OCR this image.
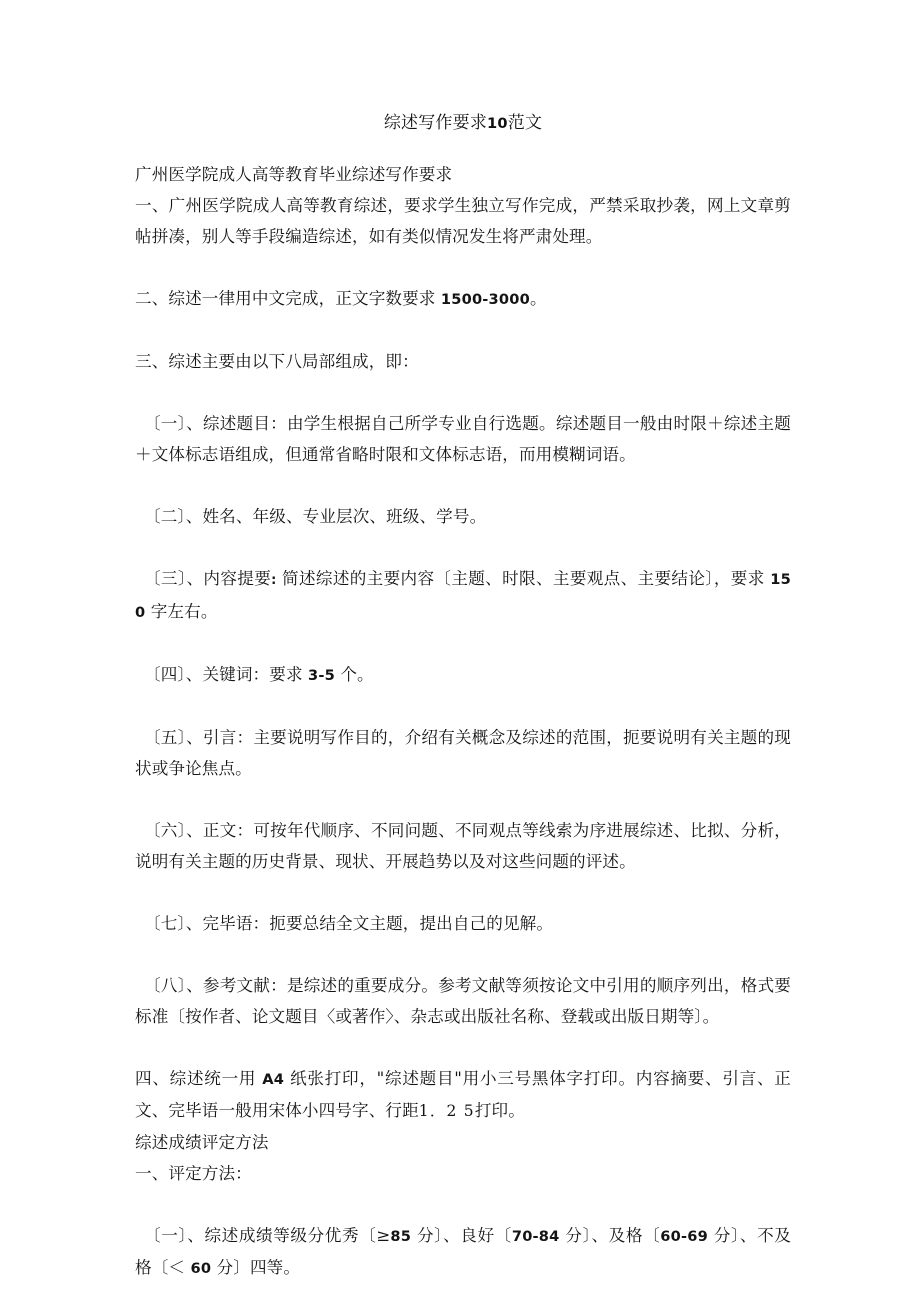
综述写作要求10范文

广州医学院成人高等教育毕业综述写作要求

一、广州医学院成人高等教育综述，要求学生独立写作完成，严禁采取抄袭，网上文章剪帖拼凑，别人等手段编造综述，如有类似情况发生将严肃处理。

二、综述一律用中文完成，正文字数要求 1500-3000。

三、综述主要由以下八局部组成，即：

〔一〕、综述题目：由学生根据自己所学专业自行选题。综述题目一般由时限＋综述主题＋文体标志语组成，但通常省略时限和文体标志语，而用模糊词语。

〔二〕、姓名、年级、专业层次、班级、学号。

〔三〕、内容提要: 简述综述的主要内容〔主题、时限、主要观点、主要结论〕，要求 150 字左右。

〔四〕、关键词：要求 3-5 个。

〔五〕、引言：主要说明写作目的，介绍有关概念及综述的范围，扼要说明有关主题的现状或争论焦点。

〔六〕、正文：可按年代顺序、不同问题、不同观点等线索为序进展综述、比拟、分析，说明有关主题的历史背景、现状、开展趋势以及对这些问题的评述。

〔七〕、完毕语：扼要总结全文主题，提出自己的见解。

〔八〕、参考文献：是综述的重要成分。参考文献等须按论文中引用的顺序列出，格式要标准〔按作者、论文题目〈或著作〉、杂志或出版社名称、登载或出版日期等〕。

四、综述统一用 A4 纸张打印，"综述题目"用小三号黑体字打印。内容摘要、引言、正文、完毕语一般用宋体小四号字、行距1．2 5打印。

综述成绩评定方法

一、评定方法：

〔一〕、综述成绩等级分优秀〔≥85 分〕、良好〔70-84 分〕、及格〔60-69 分〕、不及格〔＜ 60 分〕四等。
